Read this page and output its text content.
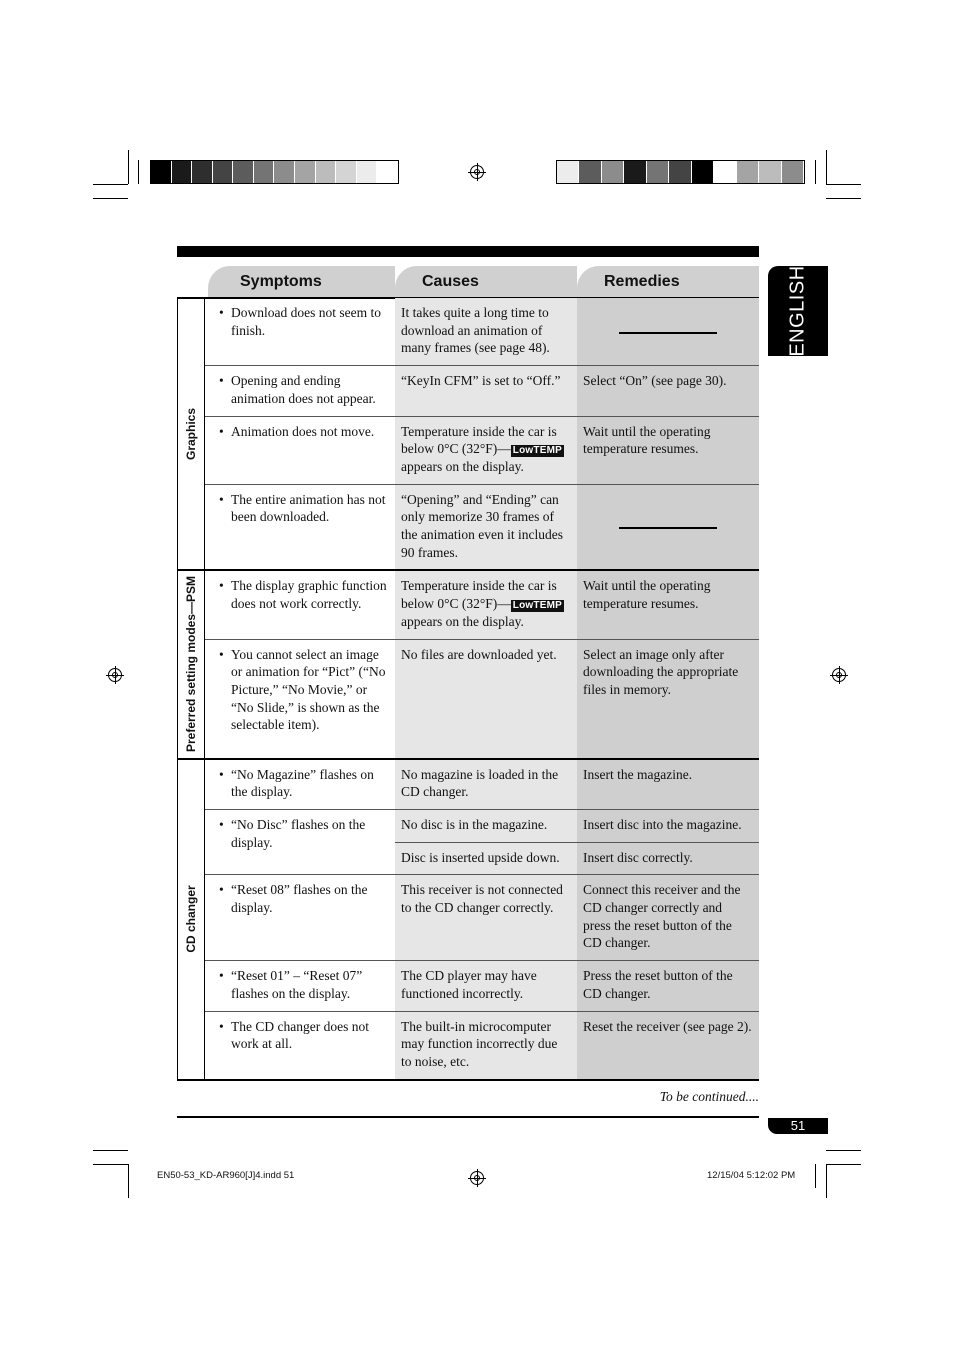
Symptoms	Causes	Remedies	ENGLISH
Graphics
• Download does not seem to finish.
It takes quite a long time to download an animation of many frames (see page 48).
• Opening and ending animation does not appear.
“KeyIn CFM” is set to “Off.”	Select “On” (see page 30).
• Animation does not move.	Temperature inside the car is below 0°C (32°F)— LowTEMP appears on the display.
Wait until the operating temperature resumes.
• The entire animation has not been downloaded.
“Opening” and “Ending” can only memorize 30 frames of the animation even it includes 90 frames.
Preferred setting modes—PSM
•	The display graphic function does not work correctly.
Temperature inside the car is below 0°C (32°F)— LowTEMP appears on the display.
Wait until the operating temperature resumes.
• You cannot select an image or animation for “Pict” (“No Picture,” “No Movie,” or “No Slide,” is shown as the selectable item).
No files are downloaded yet.	Select an image only after downloading the appropriate files in memory.
CD changer
• “No Magazine” flashes on the display.
No magazine is loaded in the CD changer.
Insert the magazine.
• “No Disc” flashes on the display.
No disc is in the magazine.	Insert disc into the magazine.
Disc is inserted upside down.	Insert disc correctly.
• “Reset 08” flashes on the display.
This receiver is not connected to the CD changer correctly.
Connect this receiver and the CD changer correctly and press the reset button of the CD changer.
• “Reset 01” – “Reset 07” flashes on the display.
The CD player may have functioned incorrectly.
Press the reset button of the CD changer.
• The CD changer does not work at all.
The built-in microcomputer may function incorrectly due to noise, etc.
Reset the receiver (see page 2).
To be continued....
51
EN50-53_KD-AR960[J]4.indd 51	12/15/04 5:12:02 PM
